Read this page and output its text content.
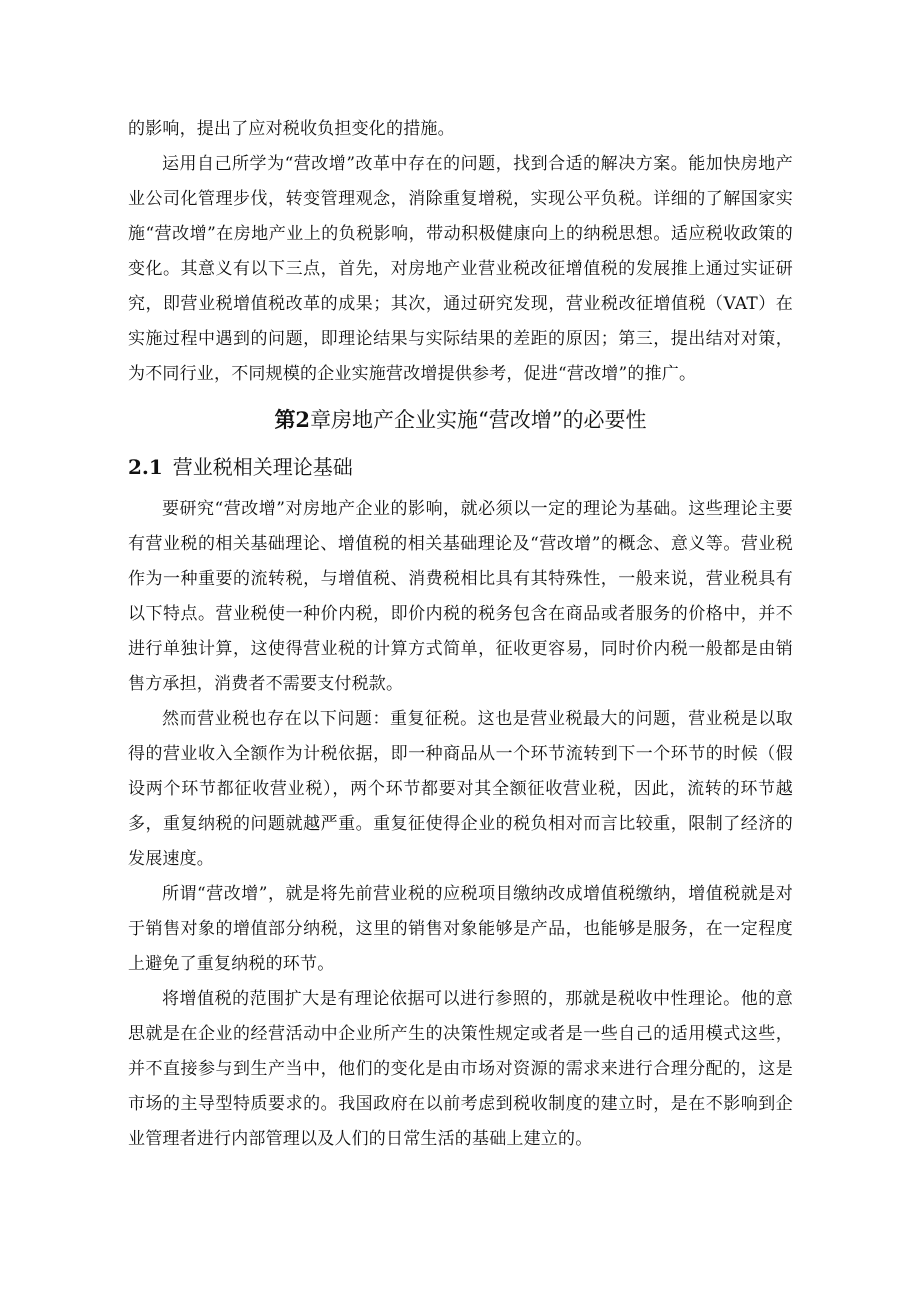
的影响，提出了应对税收负担变化的措施。

运用自己所学为“营改增”改革中存在的问题，找到合适的解决方案。能加快房地产业公司化管理步伐，转变管理观念，消除重复增税，实现公平负税。详细的了解国家实施“营改增”在房地产业上的负税影响，带动积极健康向上的纳税思想。适应税收政策的变化。其意义有以下三点，首先，对房地产业营业税改征增值税的发展推上通过实证研究，即营业税增值税改革的成果；其次，通过研究发现，营业税改征增值税（VAT）在实施过程中遇到的问题，即理论结果与实际结果的差距的原因；第三，提出结对对策，为不同行业，不同规模的企业实施营改增提供参考，促进“营改增”的推广。

第2章房地产企业实施“营改增”的必要性
2.1 营业税相关理论基础

要研究“营改增”对房地产企业的影响，就必须以一定的理论为基础。这些理论主要有营业税的相关基础理论、增值税的相关基础理论及“营改增”的概念、意义等。营业税作为一种重要的流转税，与增值税、消费税相比具有其特殊性，一般来说，营业税具有以下特点。营业税使一种价内税，即价内税的税务包含在商品或者服务的价格中，并不进行单独计算，这使得营业税的计算方式简单，征收更容易，同时价内税一般都是由销售方承担，消费者不需要支付税款。

然而营业税也存在以下问题：重复征税。这也是营业税最大的问题，营业税是以取得的营业收入全额作为计税依据，即一种商品从一个环节流转到下一个环节的时候（假设两个环节都征收营业税），两个环节都要对其全额征收营业税，因此，流转的环节越多，重复纳税的问题就越严重。重复征使得企业的税负相对而言比较重，限制了经济的发展速度。

所谓“营改增”，就是将先前营业税的应税项目缴纳改成增值税缴纳，增值税就是对于销售对象的增值部分纳税，这里的销售对象能够是产品，也能够是服务，在一定程度上避免了重复纳税的环节。

将增值税的范围扩大是有理论依据可以进行参照的，那就是税收中性理论。他的意思就是在企业的经营活动中企业所产生的决策性规定或者是一些自己的适用模式这些，并不直接参与到生产当中，他们的变化是由市场对资源的需求来进行合理分配的，这是市场的主导型特质要求的。我国政府在以前考虑到税收制度的建立时，是在不影响到企业管理者进行内部管理以及人们的日常生活的基础上建立的。
